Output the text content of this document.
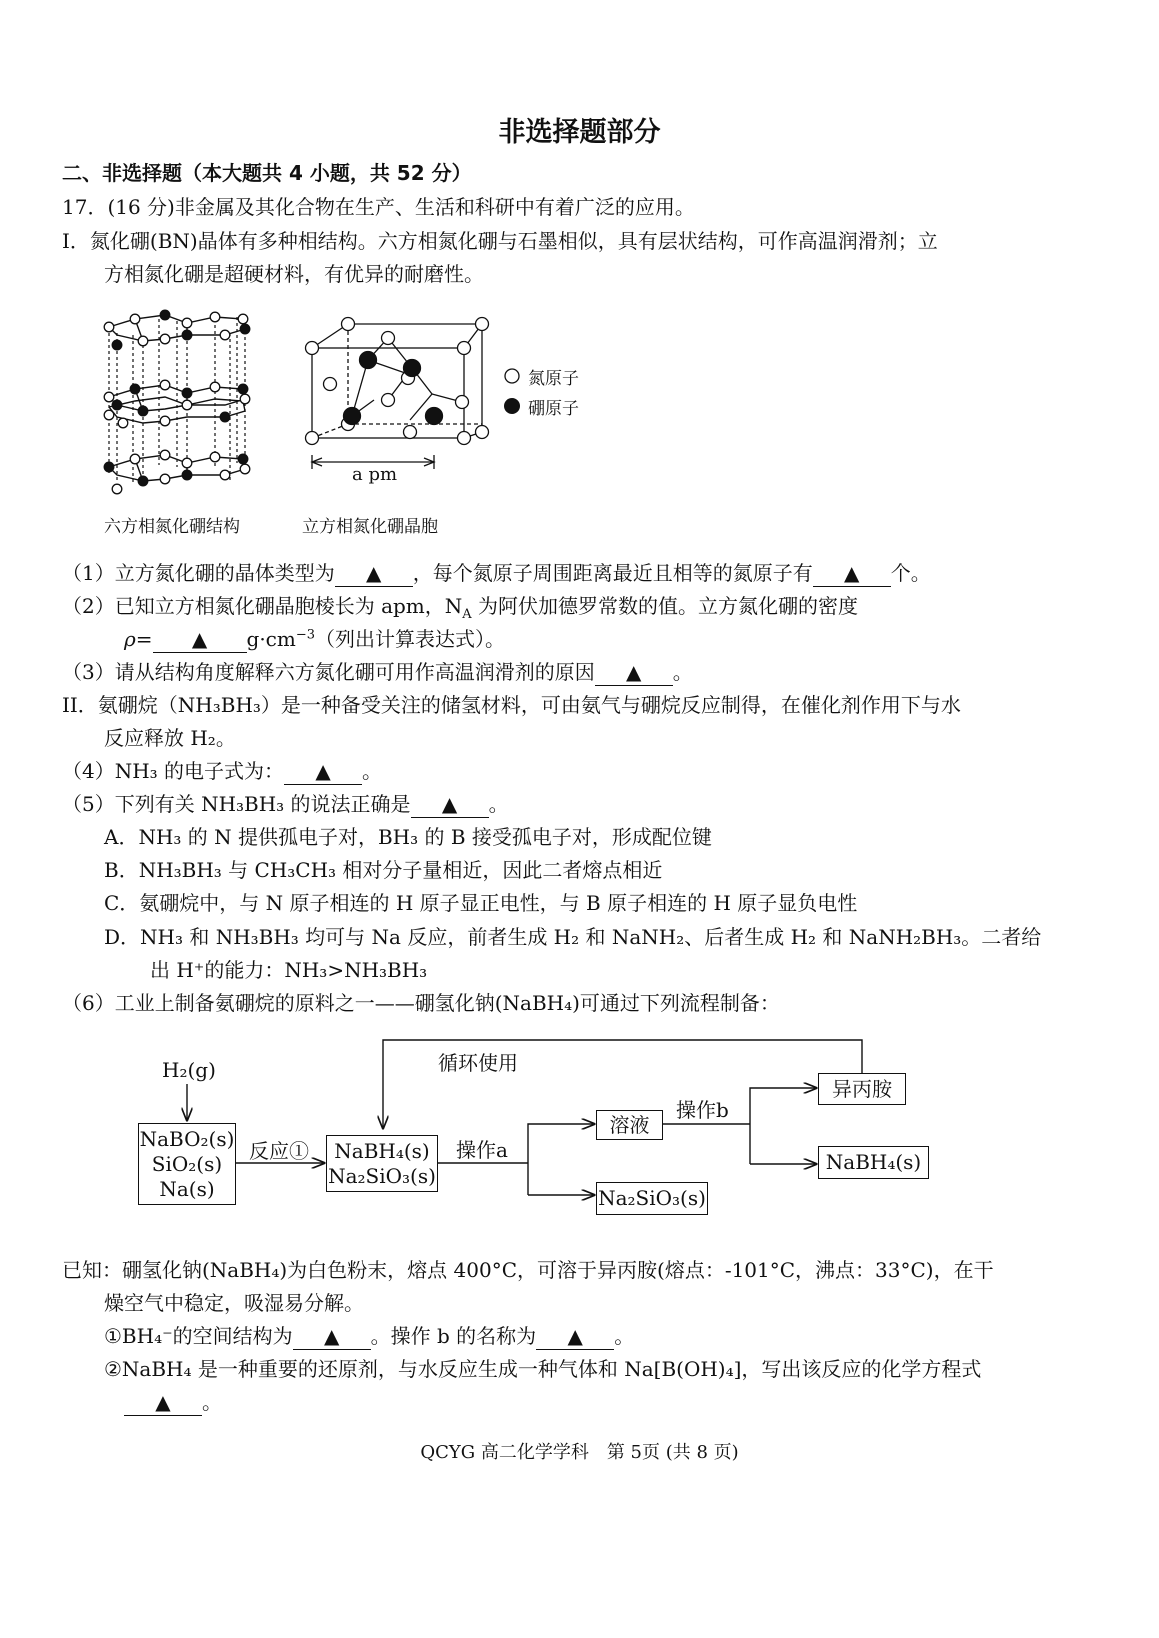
非选择题部分
二、非选择题（本大题共 4 小题，共 52 分）
17．(16 分)非金属及其化合物在生产、生活和科研中有着广泛的应用。
I．氮化硼(BN)晶体有多种相结构。六方相氮化硼与石墨相似，具有层状结构，可作高温润滑剂；立
方相氮化硼是超硬材料，有优异的耐磨性。
a pm
氮原子
硼原子
六方相氮化硼结构	立方相氮化硼晶胞
（1）立方氮化硼的晶体类型为 ▲ ，每个氮原子周围距离最近且相等的氮原子有 ▲ 个。
（2）已知立方相氮化硼晶胞棱长为 apm，$N_A$ 为阿伏加德罗常数的值。立方氮化硼的密度
ρ= ▲ $g\cdot cm^{-3}$（列出计算表达式）。
（3）请从结构角度解释六方氮化硼可用作高温润滑剂的原因 ▲ 。
II．氨硼烷（NH₃BH₃）是一种备受关注的储氢材料，可由氨气与硼烷反应制得，在催化剂作用下与水
反应释放 H₂。
（4）NH₃ 的电子式为： ▲ 。
（5）下列有关 NH₃BH₃ 的说法正确是 ▲ 。
A．NH₃ 的 N 提供孤电子对，BH₃ 的 B 接受孤电子对，形成配位键
B．NH₃BH₃ 与 CH₃CH₃ 相对分子量相近，因此二者熔点相近
C．氨硼烷中，与 N 原子相连的 H 原子显正电性，与 B 原子相连的 H 原子显负电性
D．NH₃ 和 NH₃BH₃ 均可与 Na 反应，前者生成 H₂ 和 NaNH₂、后者生成 H₂ 和 NaNH₂BH₃。二者给
出 H⁺的能力：NH₃>NH₃BH₃
（6）工业上制备氨硼烷的原料之一——硼氢化钠(NaBH₄)可通过下列流程制备：
H₂(g)
NaBO₂(s)
SiO₂(s)
Na(s)
反应①	NaBH₄(s)
Na₂SiO₃(s)
循环使用
操作a
溶液
Na₂SiO₃(s)
操作b
异丙胺
NaBH₄(s)
已知：硼氢化钠(NaBH₄)为白色粉末，熔点 400°C，可溶于异丙胺(熔点：-101°C，沸点：33°C)，在干
燥空气中稳定，吸湿易分解。
①BH₄⁻的空间结构为 ▲ 。操作 b 的名称为 ▲ 。
②NaBH₄ 是一种重要的还原剂，与水反应生成一种气体和 Na[B(OH)₄]，写出该反应的化学方程式
▲ 。
QCYG 高二化学学科　第 5页 (共 8 页)
